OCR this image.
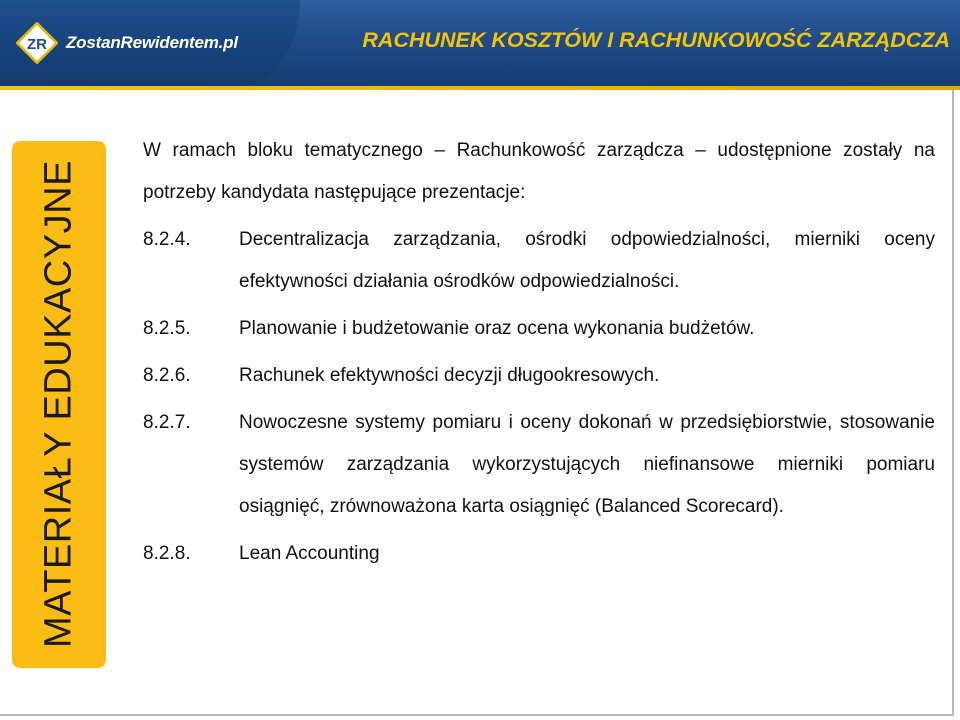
ZR ZostanRewidentem.pl	RACHUNEK KOSZTÓW I RACHUNKOWOŚĆ ZARZĄDCZA
MATERIAŁY EDUKACYJNE

W ramach bloku tematycznego – Rachunkowość zarządcza – udostępnione zostały na potrzeby kandydata następujące prezentacje:

8.2.4.	Decentralizacja zarządzania, ośrodki odpowiedzialności, mierniki oceny efektywności działania ośrodków odpowiedzialności.
8.2.5.	Planowanie i budżetowanie oraz ocena wykonania budżetów.
8.2.6.	Rachunek efektywności decyzji długookresowych.
8.2.7.	Nowoczesne systemy pomiaru i oceny dokonań w przedsiębiorstwie, stosowanie systemów zarządzania wykorzystujących niefinansowe mierniki pomiaru osiągnięć, zrównoważona karta osiągnięć (Balanced Scorecard).
8.2.8.	Lean Accounting
